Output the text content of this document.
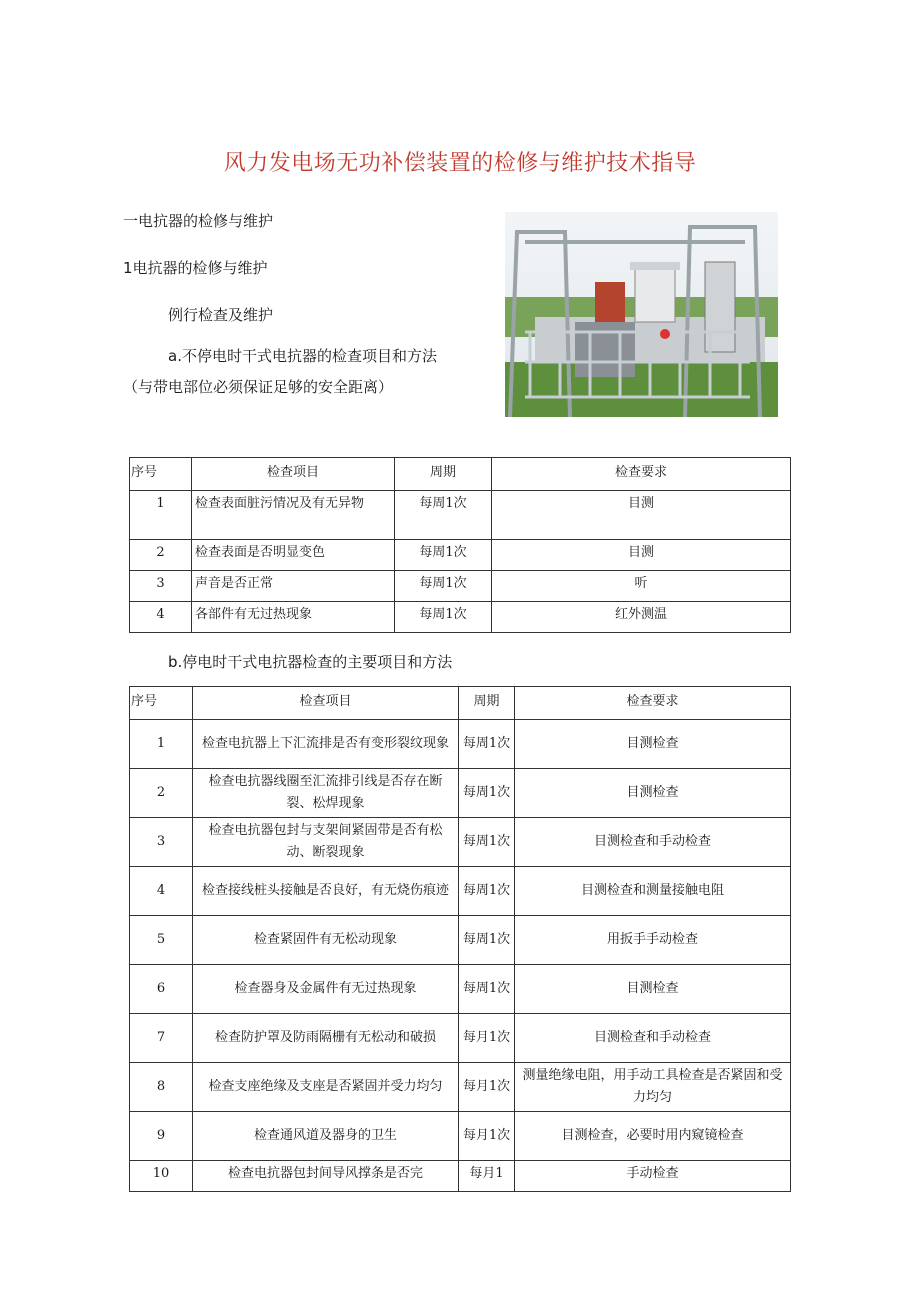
风力发电场无功补偿装置的检修与维护技术指导
一电抗器的检修与维护
1电抗器的检修与维护
例行检查及维护
a.不停电时干式电抗器的检查项目和方法
（与带电部位必须保证足够的安全距离）
序号	检查项目	周期	检查要求
1	检查表面脏污情况及有无异物	每周1次	目测
2	检查表面是否明显变色	每周1次	目测
3	声音是否正常	每周1次	听
4	各部件有无过热现象	每周1次	红外测温
b.停电时干式电抗器检查的主要项目和方法
序号	检查项目	周期	检查要求
1	检查电抗器上下汇流排是否有变形裂纹现象	每周1次	目测检查
2	检查电抗器线圈至汇流排引线是否存在断裂、松焊现象	每周1次	目测检查
3	检查电抗器包封与支架间紧固带是否有松动、断裂现象	每周1次	目测检查和手动检查
4	检查接线桩头接触是否良好，有无烧伤痕迹	每周1次	目测检查和测量接触电阻
5	检查紧固件有无松动现象	每周1次	用扳手手动检查
6	检查器身及金属件有无过热现象	每周1次	目测检查
7	检查防护罩及防雨隔栅有无松动和破损	每月1次	目测检查和手动检查
8	检查支座绝缘及支座是否紧固并受力均匀	每月1次	测量绝缘电阻，用手动工具检查是否紧固和受力均匀
9	检查通风道及器身的卫生	每月1次	目测检查，必要时用内窥镜检查
10	检查电抗器包封间导风撑条是否完	每月1	手动检查
